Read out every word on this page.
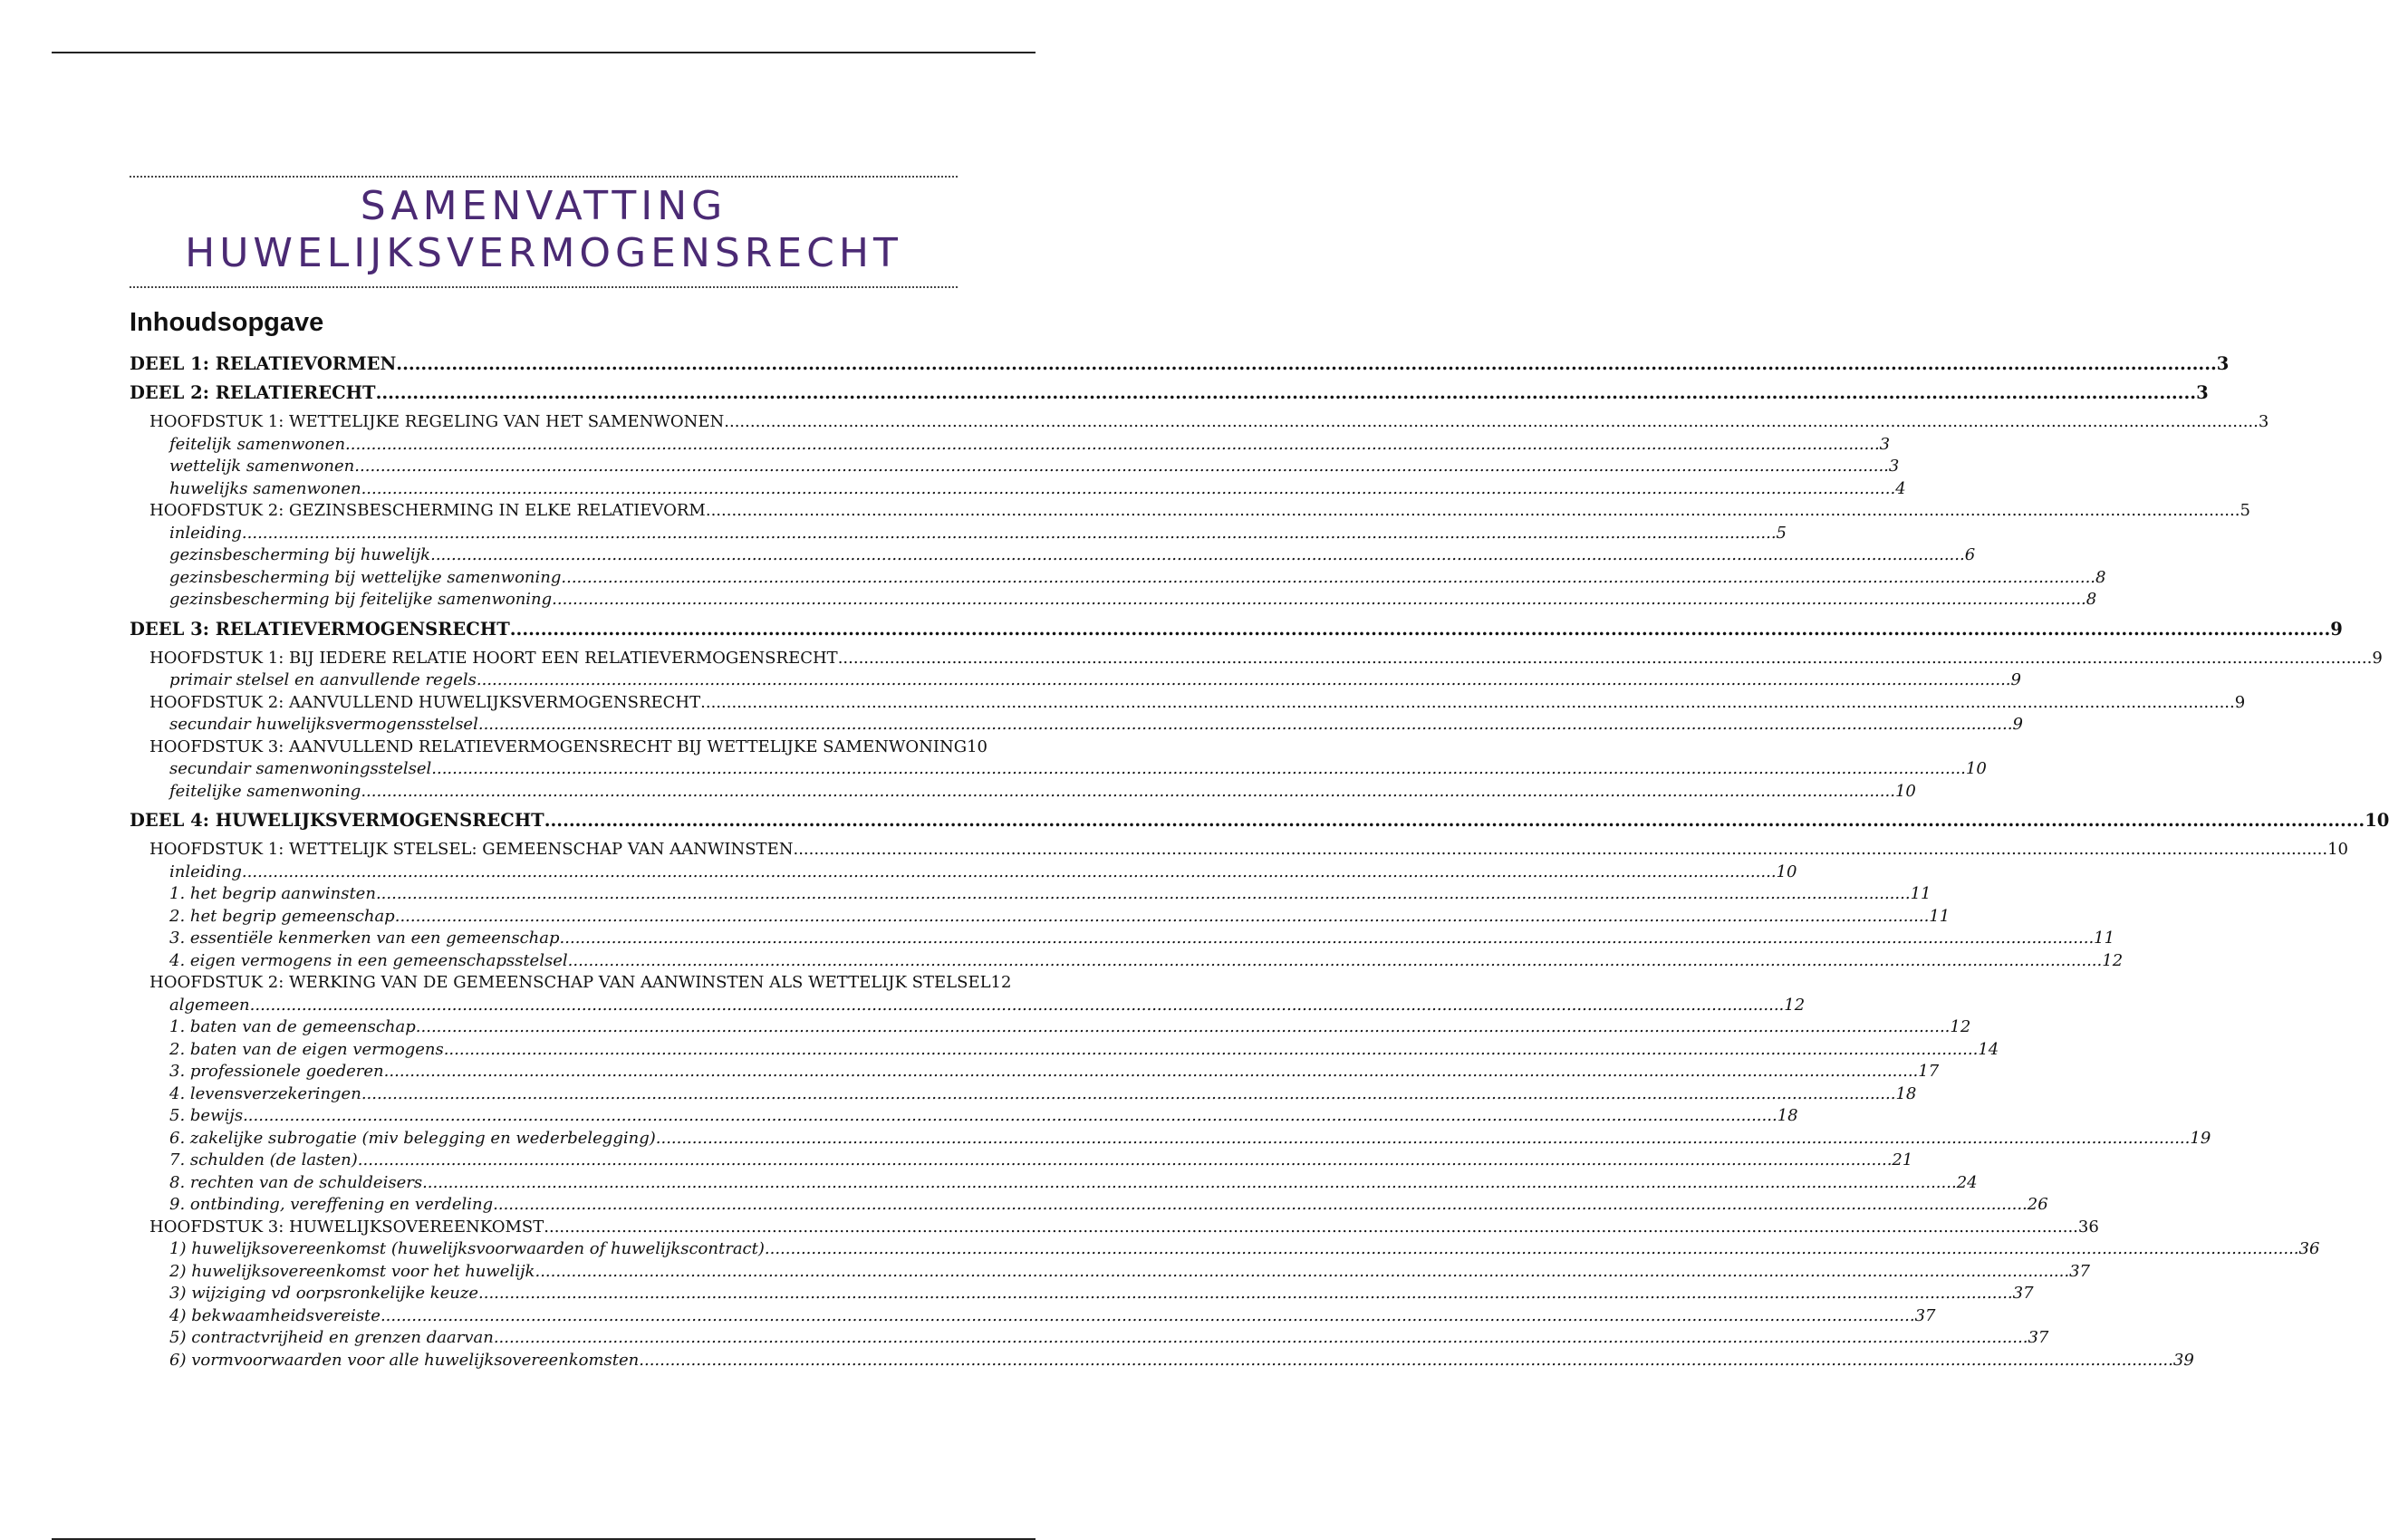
SAMENVATTING
HUWELIJKSVERMOGENSRECHT
Inhoudsopgave
DEEL 1: RELATIEVORMEN .....	3
DEEL 2: RELATIERECHT .....	3
HOOFDSTUK 1: WETTELIJKE REGELING VAN HET SAMENWONEN .....	3
feitelijk samenwonen .....	3
wettelijk samenwonen .....	3
huwelijks samenwonen .....	4
HOOFDSTUK 2: GEZINSBESCHERMING IN ELKE RELATIEVORM .....	5
inleiding .....	5
gezinsbescherming bij huwelijk .....	6
gezinsbescherming bij wettelijke samenwoning .....	8
gezinsbescherming bij feitelijke samenwoning .....	8
DEEL 3: RELATIEVERMOGENSRECHT .....	9
HOOFDSTUK 1: BIJ IEDERE RELATIE HOORT EEN RELATIEVERMOGENSRECHT .....	9
primair stelsel en aanvullende regels .....	9
HOOFDSTUK 2: AANVULLEND HUWELIJKSVERMOGENSRECHT .....	9
secundair huwelijksvermogensstelsel .....	9
HOOFDSTUK 3: AANVULLEND RELATIEVERMOGENSRECHT BIJ WETTELIJKE SAMENWONING 10
secundair samenwoningsstelsel .....	10
feitelijke samenwoning .....	10
DEEL 4: HUWELIJKSVERMOGENSRECHT .....	10
HOOFDSTUK 1: WETTELIJK STELSEL: GEMEENSCHAP VAN AANWINSTEN .....	10
inleiding .....	10
1. het begrip aanwinsten .....	11
2. het begrip gemeenschap .....	11
3. essentiële kenmerken van een gemeenschap .....	11
4. eigen vermogens in een gemeenschapsstelsel .....	12
HOOFDSTUK 2: WERKING VAN DE GEMEENSCHAP VAN AANWINSTEN ALS WETTELIJK STELSEL 12
algemeen .....	12
1. baten van de gemeenschap .....	12
2. baten van de eigen vermogens .....	14
3. professionele goederen .....	17
4. levensverzekeringen .....	18
5. bewijs .....	18
6. zakelijke subrogatie (miv belegging en wederbelegging) .....	19
7. schulden (de lasten) .....	21
8. rechten van de schuldeisers .....	24
9. ontbinding, vereffening en verdeling .....	26
HOOFDSTUK 3: HUWELIJKSOVEREENKOMST .....	36
1) huwelijksovereenkomst (huwelijksvoorwaarden of huwelijkscontract) .....	36
2) huwelijksovereenkomst voor het huwelijk .....	37
3) wijziging vd oorpsronkelijke keuze .....	37
4) bekwaamheidsvereiste .....	37
5) contractvrijheid en grenzen daarvan .....	37
6) vormvoorwaarden voor alle huwelijksovereenkomsten .....	39
